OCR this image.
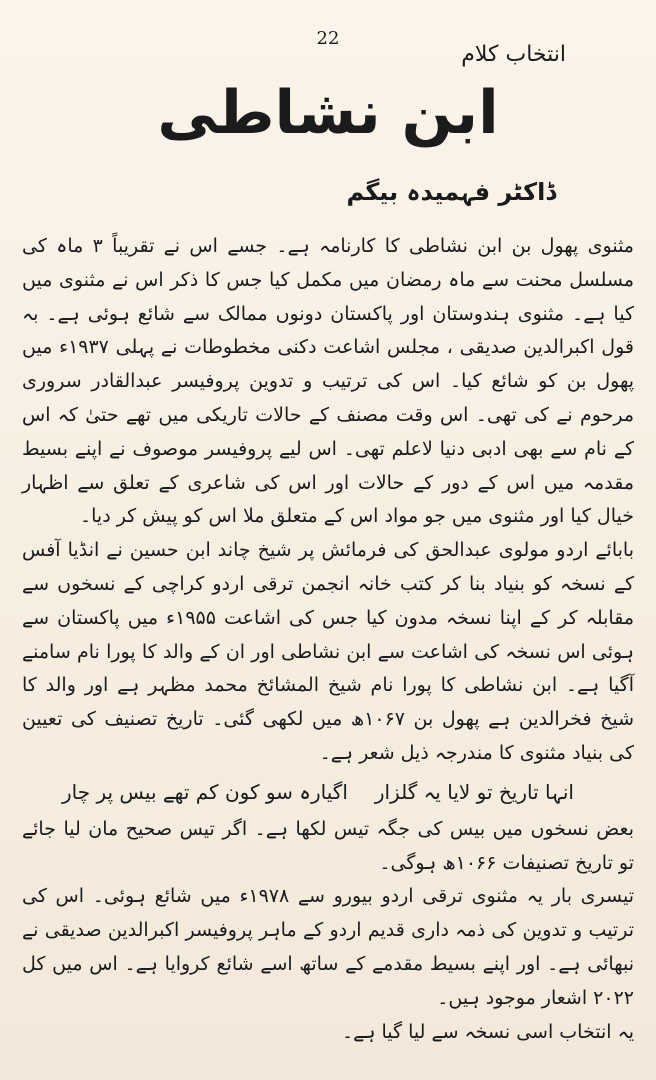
22
انتخاب کلام
ابن نشاطی
ڈاکٹر فہمیدہ بیگم

مثنوی پھول بن ابن نشاطی کا کارنامہ ہے۔ جسے اس نے تقریباً ۳ ماہ کی مسلسل محنت سے ماہ رمضان میں مکمل کیا جس کا ذکر اس نے مثنوی میں کیا ہے۔ مثنوی ہندوستان اور پاکستان دونوں ممالک سے شائع ہوئی ہے۔ بہ قول اکبرالدین صدیقی ، مجلس اشاعت دکنی مخطوطات نے پہلی ۱۹۳۷ء میں پھول بن کو شائع کیا۔ اس کی ترتیب و تدوین پروفیسر عبدالقادر سروری مرحوم نے کی تھی۔ اس وقت مصنف کے حالات تاریکی میں تھے حتیٰ کہ اس کے نام سے بھی ادبی دنیا لاعلم تھی۔ اس لیے پروفیسر موصوف نے اپنے بسیط مقدمہ میں اس کے دور کے حالات اور اس کی شاعری کے تعلق سے اظہار خیال کیا اور مثنوی میں جو مواد اس کے متعلق ملا اس کو پیش کر دیا۔

بابائے اردو مولوی عبدالحق کی فرمائش پر شیخ چاند ابن حسین نے انڈیا آفس کے نسخہ کو بنیاد بنا کر کتب خانہ انجمن ترقی اردو کراچی کے نسخوں سے مقابلہ کر کے اپنا نسخہ مدون کیا جس کی اشاعت ۱۹۵۵ء میں پاکستان سے ہوئی اس نسخہ کی اشاعت سے ابن نشاطی اور ان کے والد کا پورا نام سامنے آگیا ہے۔ ابن نشاطی کا پورا نام شیخ المشائخ محمد مظہر ہے اور والد کا شیخ فخرالدین ہے پھول بن ۱۰۶۷ھ میں لکھی گئی۔ تاریخ تصنیف کی تعیین کی بنیاد مثنوی کا مندرجہ ذیل شعر ہے۔

انہا تاریخ تو لایا یہ گلزار
اگیارہ سو کون کم تھے بیس پر چار

بعض نسخوں میں بیس کی جگہ تیس لکھا ہے۔ اگر تیس صحیح مان لیا جائے تو تاریخ تصنیفات ۱۰۶۶ھ ہوگی۔

تیسری بار یہ مثنوی ترقی اردو بیورو سے ۱۹۷۸ء میں شائع ہوئی۔ اس کی ترتیب و تدوین کی ذمہ داری قدیم اردو کے ماہر پروفیسر اکبرالدین صدیقی نے نبھائی ہے۔ اور اپنے بسیط مقدمے کے ساتھ اسے شائع کروایا ہے۔ اس میں کل ۲۰۲۲ اشعار موجود ہیں۔

یہ انتخاب اسی نسخہ سے لیا گیا ہے۔
